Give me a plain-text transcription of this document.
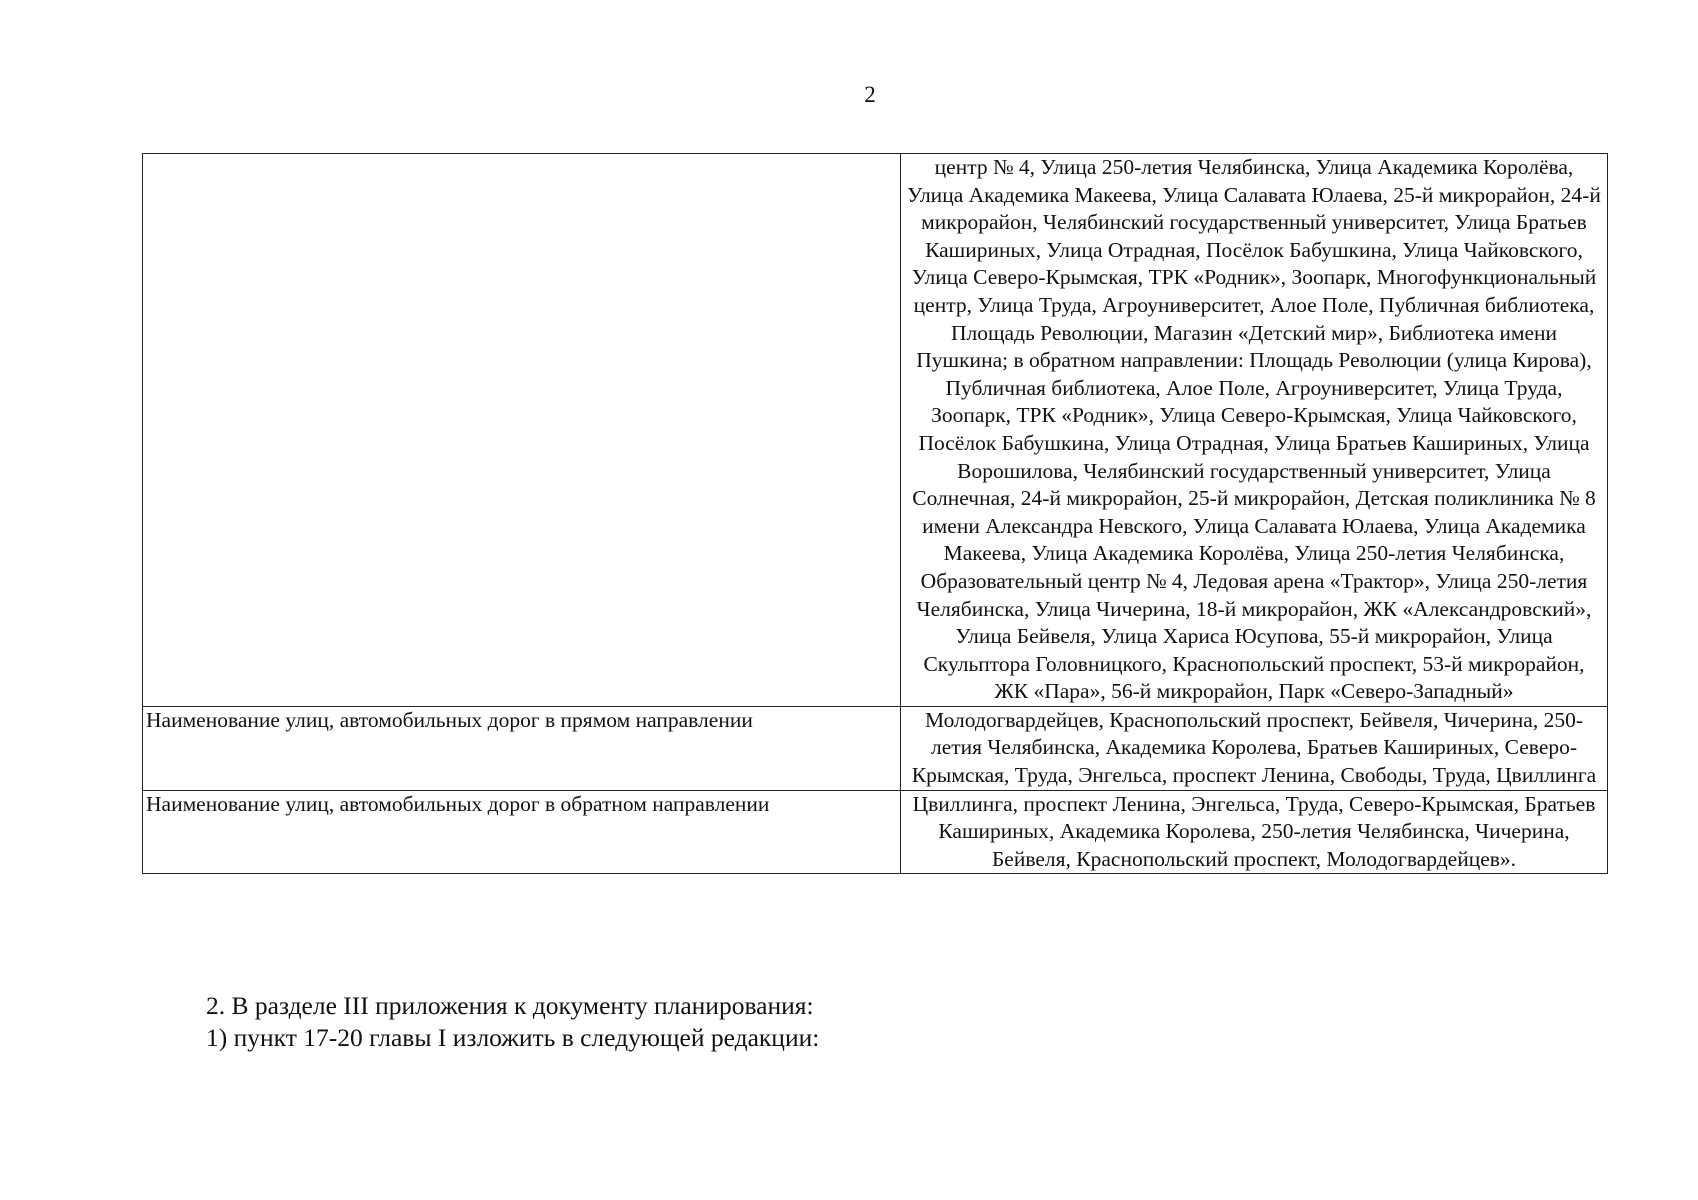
2
	центр № 4, Улица 250-летия Челябинска, Улица Академика Королёва, Улица Академика Макеева, Улица Салавата Юлаева, 25-й микрорайон, 24-й микрорайон, Челябинский государственный университет, Улица Братьев Кашириных, Улица Отрадная, Посёлок Бабушкина, Улица Чайковского, Улица Северо-Крымская, ТРК «Родник», Зоопарк, Многофункциональный центр, Улица Труда, Агроуниверситет, Алое Поле, Публичная библиотека, Площадь Революции, Магазин «Детский мир», Библиотека имени Пушкина; в обратном направлении: Площадь Революции (улица Кирова), Публичная библиотека, Алое Поле, Агроуниверситет, Улица Труда, Зоопарк, ТРК «Родник», Улица Северо-Крымская, Улица Чайковского, Посёлок Бабушкина, Улица Отрадная, Улица Братьев Кашириных, Улица Ворошилова, Челябинский государственный университет, Улица Солнечная, 24-й микрорайон, 25-й микрорайон, Детская поликлиника № 8 имени Александра Невского, Улица Салавата Юлаева, Улица Академика Макеева, Улица Академика Королёва, Улица 250-летия Челябинска, Образовательный центр № 4, Ледовая арена «Трактор», Улица 250-летия Челябинска, Улица Чичерина, 18-й микрорайон, ЖК «Александровский», Улица Бейвеля, Улица Хариса Юсупова, 55-й микрорайон, Улица Скульптора Головницкого, Краснопольский проспект, 53-й микрорайон, ЖК «Пара», 56-й микрорайон, Парк «Северо-Западный»
Наименование улиц, автомобильных дорог в прямом направлении	Молодогвардейцев, Краснопольский проспект, Бейвеля, Чичерина, 250-летия Челябинска, Академика Королева, Братьев Кашириных, Северо-Крымская, Труда, Энгельса, проспект Ленина, Свободы, Труда, Цвиллинга
Наименование улиц, автомобильных дорог в обратном направлении	Цвиллинга, проспект Ленина, Энгельса, Труда, Северо-Крымская, Братьев Кашириных, Академика Королева, 250-летия Челябинска, Чичерина, Бейвеля, Краснопольский проспект, Молодогвардейцев».
2. В разделе III приложения к документу планирования:
1) пункт 17-20 главы I изложить в следующей редакции:
